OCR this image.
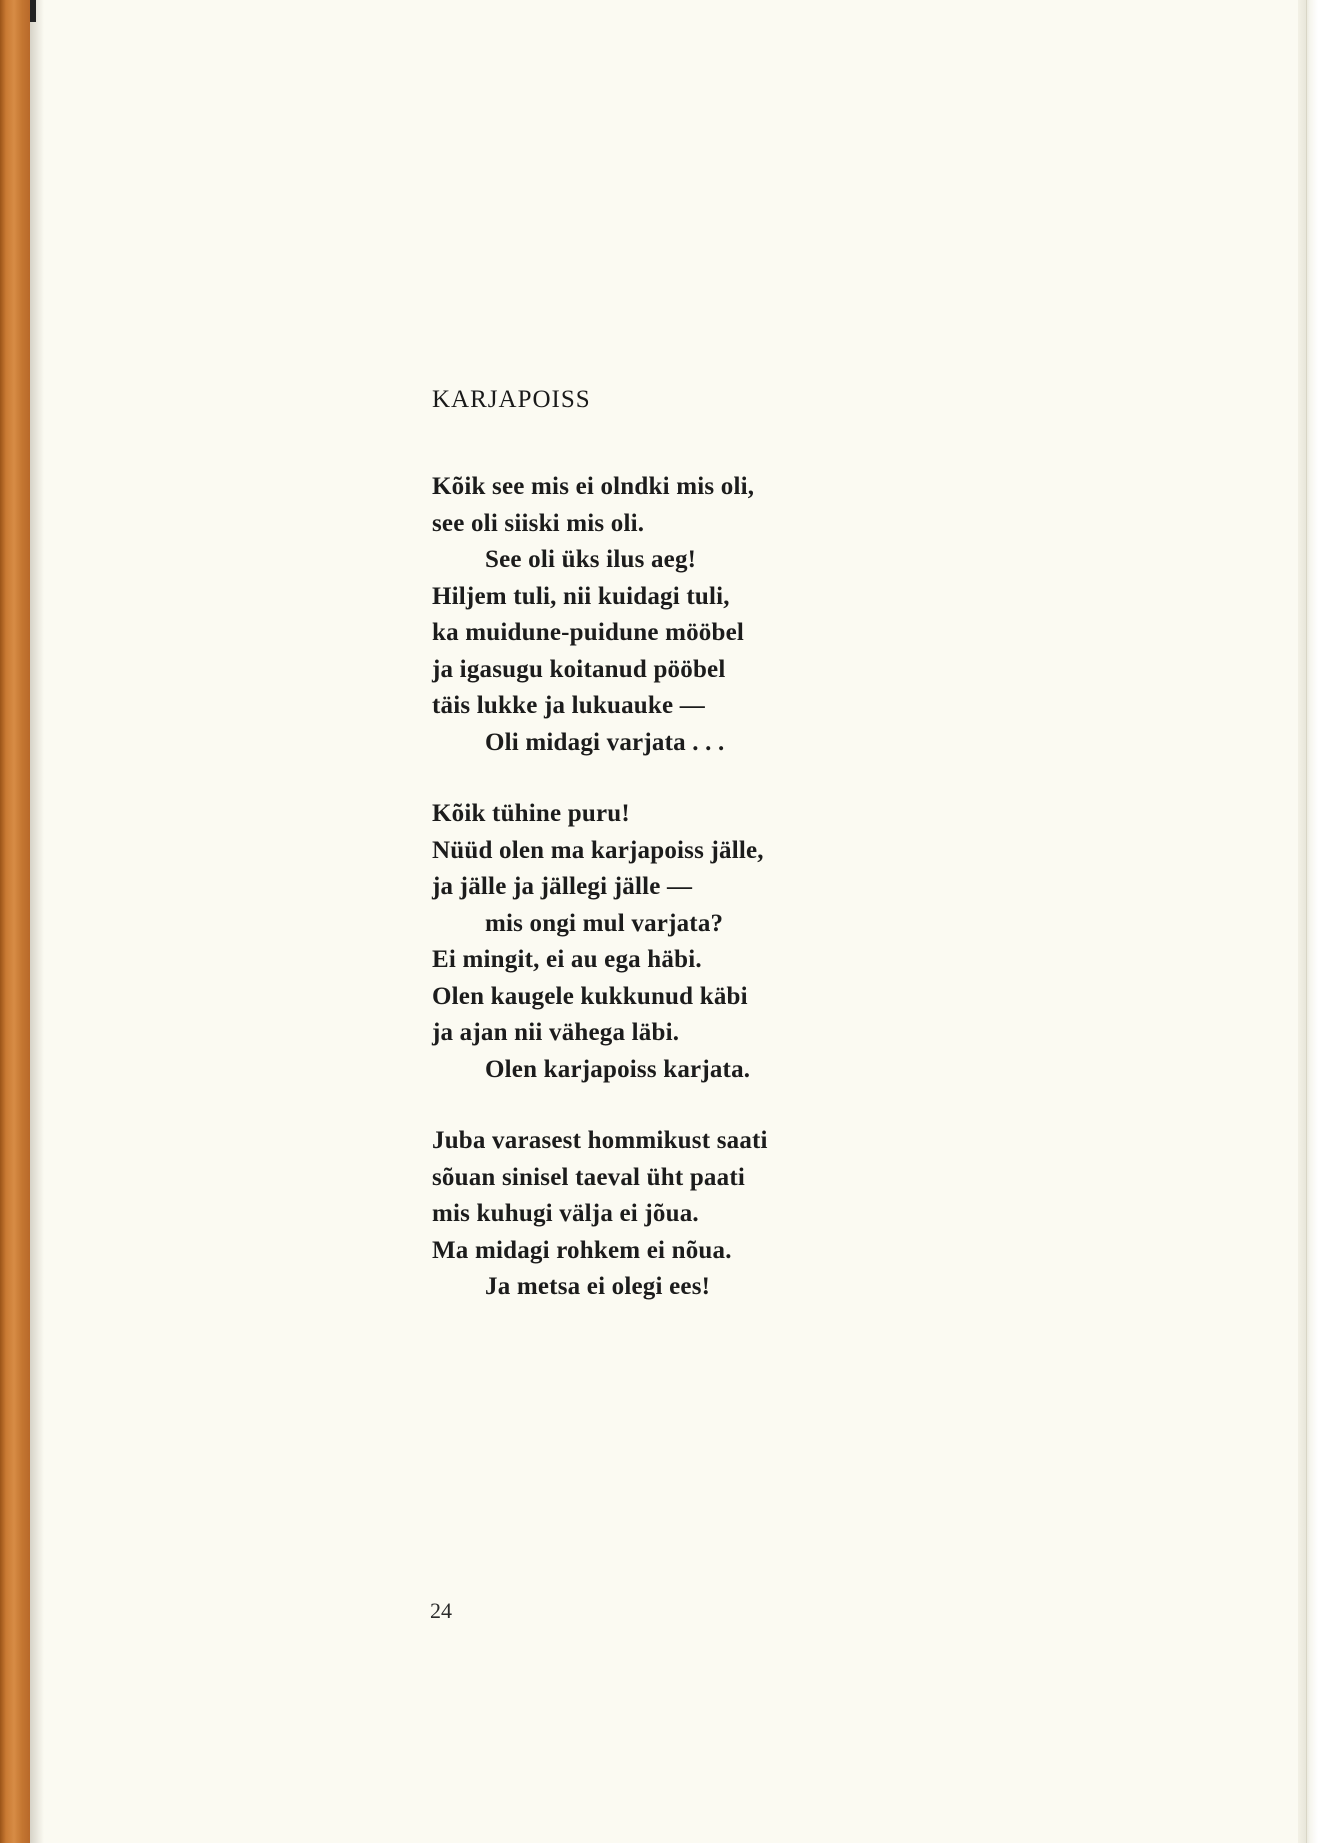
KARJAPOISS
Kõik see mis ei olndki mis oli,
see oli siiski mis oli.
See oli üks ilus aeg!
Hiljem tuli, nii kuidagi tuli,
ka muidune-puidune mööbel
ja igasugu koitanud pööbel
täis lukke ja lukuauke —
Oli midagi varjata . . .
Kõik tühine puru!
Nüüd olen ma karjapoiss jälle,
ja jälle ja jällegi jälle —
mis ongi mul varjata?
Ei mingit, ei au ega häbi.
Olen kaugele kukkunud käbi
ja ajan nii vähega läbi.
Olen karjapoiss karjata.
Juba varasest hommikust saati
sõuan sinisel taeval üht paati
mis kuhugi välja ei jõua.
Ma midagi rohkem ei nõua.
Ja metsa ei olegi ees!
24
